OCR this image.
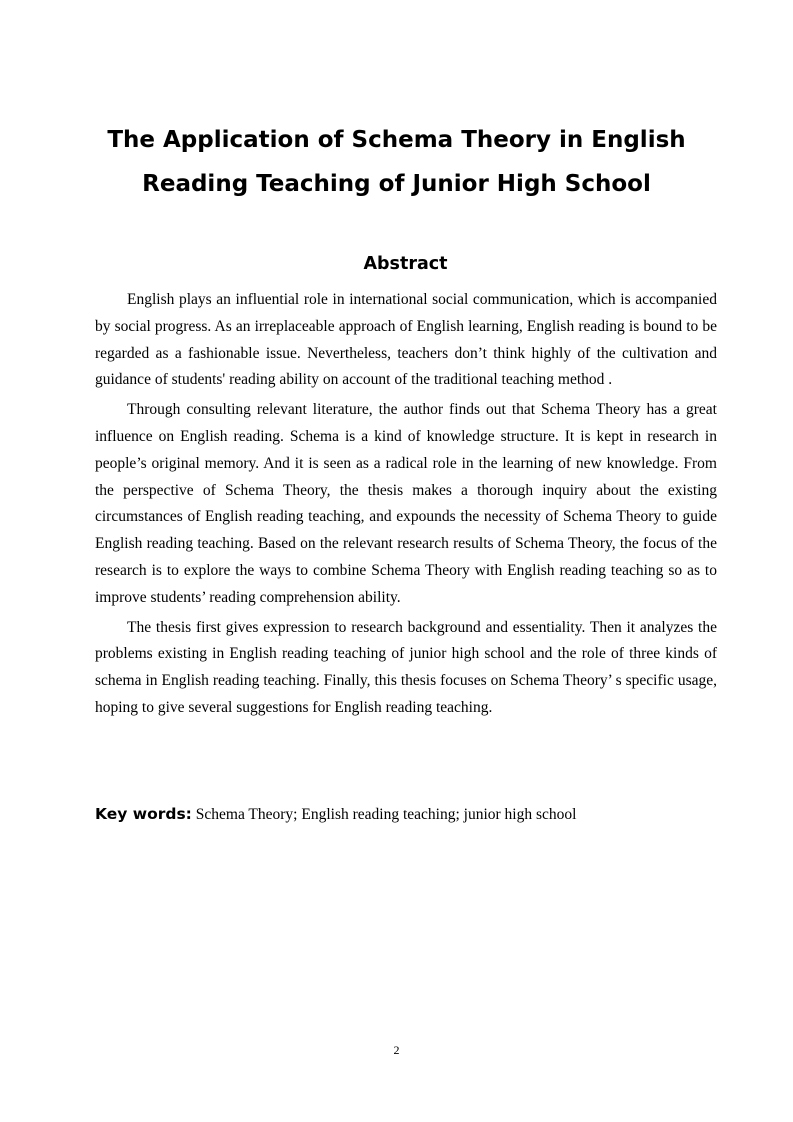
The Application of Schema Theory in English
Reading Teaching of Junior High School
Abstract

English plays an influential role in international social communication, which is accompanied by social progress. As an irreplaceable approach of English learning, English reading is bound to be regarded as a fashionable issue. Nevertheless, teachers don’t think highly of the cultivation and guidance of students' reading ability on account of the traditional teaching method .

Through consulting relevant literature, the author finds out that Schema Theory has a great influence on English reading. Schema is a kind of knowledge structure. It is kept in research in people’s original memory. And it is seen as a radical role in the learning of new knowledge. From the perspective of Schema Theory, the thesis makes a thorough inquiry about the existing circumstances of English reading teaching, and expounds the necessity of Schema Theory to guide English reading teaching. Based on the relevant research results of Schema Theory, the focus of the research is to explore the ways to combine Schema Theory with English reading teaching so as to improve students’ reading comprehension ability.

The thesis first gives expression to research background and essentiality. Then it analyzes the problems existing in English reading teaching of junior high school and the role of three kinds of schema in English reading teaching. Finally, this thesis focuses on Schema Theory’ s specific usage, hoping to give several suggestions for English reading teaching.

Key words: Schema Theory; English reading teaching; junior high school

2
